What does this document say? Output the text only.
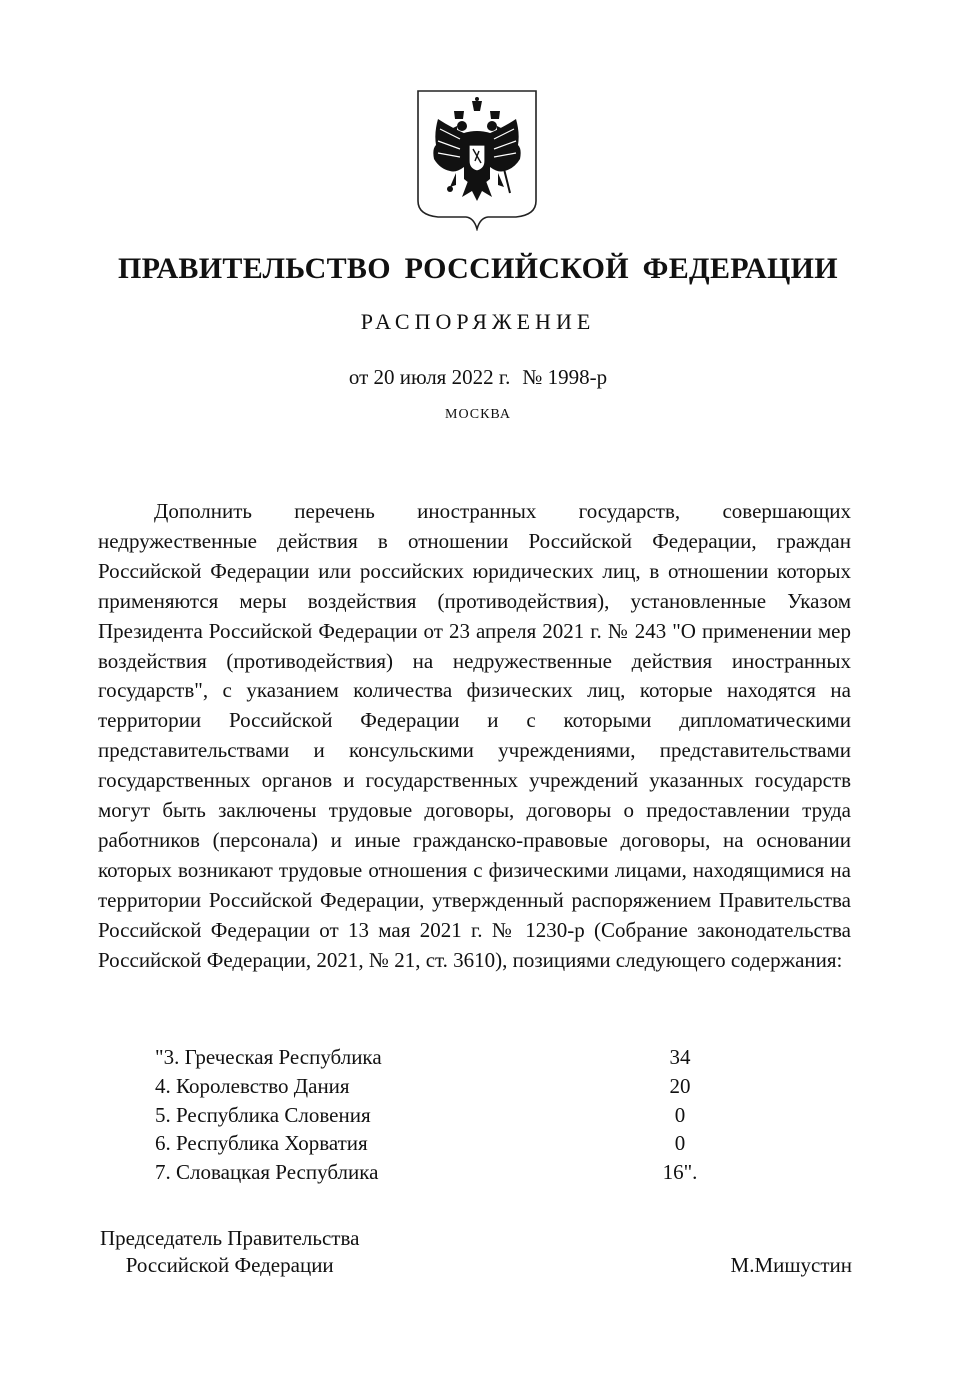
ПРАВИТЕЛЬСТВО РОССИЙСКОЙ ФЕДЕРАЦИИ
РАСПОРЯЖЕНИЕ
от 20 июля 2022 г. № 1998-р
МОСКВА

Дополнить перечень иностранных государств, совершающих недружественные действия в отношении Российской Федерации, граждан Российской Федерации или российских юридических лиц, в отношении которых применяются меры воздействия (противодействия), установленные Указом Президента Российской Федерации от 23 апреля 2021 г. № 243 "О применении мер воздействия (противодействия) на недружественные действия иностранных государств", с указанием количества физических лиц, которые находятся на территории Российской Федерации и с которыми дипломатическими представительствами и консульскими учреждениями, представительствами государственных органов и государственных учреждений указанных государств могут быть заключены трудовые договоры, договоры о предоставлении труда работников (персонала) и иные гражданско-правовые договоры, на основании которых возникают трудовые отношения с физическими лицами, находящимися на территории Российской Федерации, утвержденный распоряжением Правительства Российской Федерации от 13 мая 2021 г. № 1230-р (Собрание законодательства Российской Федерации, 2021, № 21, ст. 3610), позициями следующего содержания:

"3. Греческая Республика	34
4. Королевство Дания	20
5. Республика Словения	0
6. Республика Хорватия	0
7. Словацкая Республика	16".
Председатель Правительства
Российской Федерации	М.Мишустин
